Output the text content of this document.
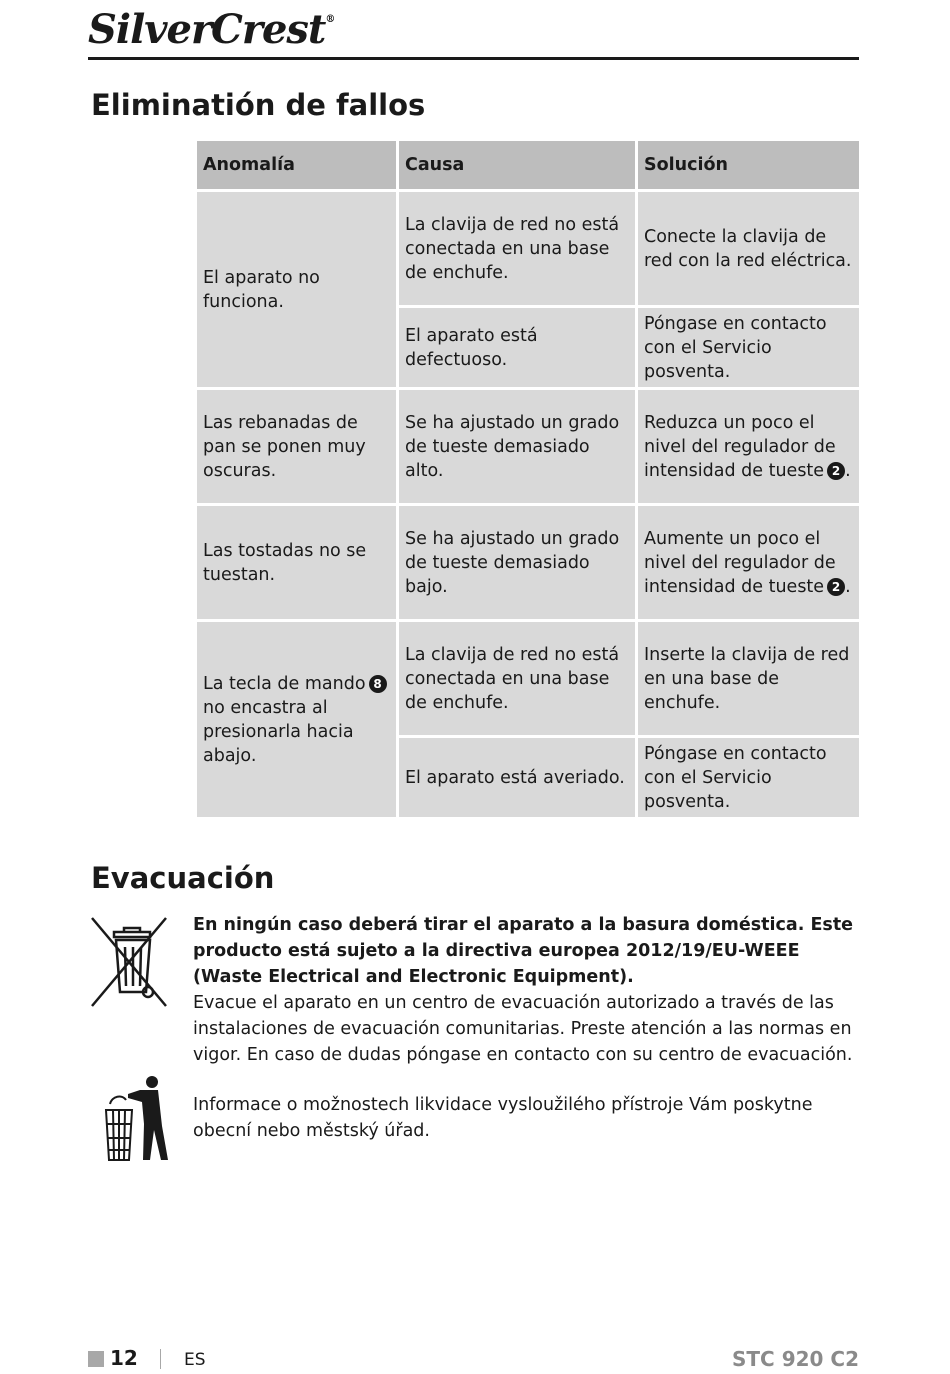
SilverCrest®
Eliminatión de fallos
Anomalía	Causa	Solución
El aparato no funciona.	La clavija de red no está conectada en una base de enchufe.	Conecte la clavija de red con la red eléctrica.
	El aparato está defectuoso.	Póngase en contacto con el Servicio posventa.
Las rebanadas de pan se ponen muy oscuras.	Se ha ajustado un grado de tueste demasiado alto.	Reduzca un poco el nivel del regulador de intensidad de tueste 2 .
Las tostadas no se tuestan.	Se ha ajustado un grado de tueste demasiado bajo.	Aumente un poco el nivel del regulador de intensidad de tueste 2 .
La tecla de mando 8 no encastra al presionarla hacia abajo.	La clavija de red no está conectada en una base de enchufe.	Inserte la clavija de red en una base de enchufe.
	El aparato está averiado.	Póngase en contacto con el Servicio posventa.
Evacuación

En ningún caso deberá tirar el aparato a la basura doméstica. Este producto está sujeto a la directiva europea 2012/19/EU-WEEE (Waste Electrical and Electronic Equipment).

Evacue el aparato en un centro de evacuación autorizado a través de las instalaciones de evacuación comunitarias. Preste atención a las normas en vigor. En caso de dudas póngase en contacto con su centro de evacuación.

Informace o možnostech likvidace vysloužilého přístroje Vám poskytne obecní nebo městský úřad.

12	ES	STC 920 C2
